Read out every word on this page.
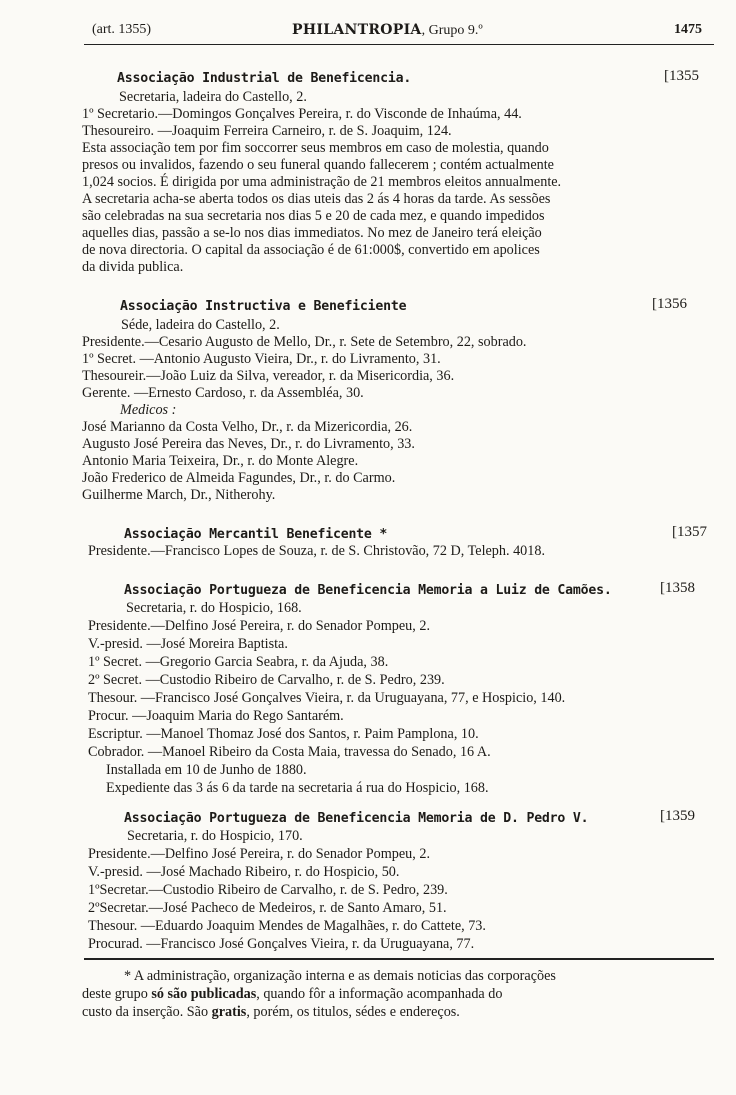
(art. 1355)	PHILANTROPIA, Grupo 9.º	1475
Associação Industrial de Beneficencia.	[1355
Secretaria, ladeira do Castello, 2.
1º Secretario.—Domingos Gonçalves Pereira, r. do Visconde de Inhaúma, 44.
Thesoureiro. —Joaquim Ferreira Carneiro, r. de S. Joaquim, 124.
Esta associação tem por fim soccorrer seus membros em caso de molestia, quando
presos ou invalidos, fazendo o seu funeral quando fallecerem ; contém actualmente
1,024 socios. É dirigida por uma administração de 21 membros eleitos annualmente.
A secretaria acha-se aberta todos os dias uteis das 2 ás 4 horas da tarde. As sessões
são celebradas na sua secretaria nos dias 5 e 20 de cada mez, e quando impedidos
aquelles dias, passão a se-lo nos dias immediatos. No mez de Janeiro terá eleição
de nova directoria. O capital da associação é de 61:000$, convertido em apolices
da divida publica.
Associação Instructiva e Beneficiente	[1356
Séde, ladeira do Castello, 2.
Presidente.—Cesario Augusto de Mello, Dr., r. Sete de Setembro, 22, sobrado.
1º Secret. —Antonio Augusto Vieira, Dr., r. do Livramento, 31.
Thesoureir.—João Luiz da Silva, vereador, r. da Misericordia, 36.
Gerente. —Ernesto Cardoso, r. da Assembléa, 30.
Medicos :
José Marianno da Costa Velho, Dr., r. da Mizericordia, 26.
Augusto José Pereira das Neves, Dr., r. do Livramento, 33.
Antonio Maria Teixeira, Dr., r. do Monte Alegre.
João Frederico de Almeida Fagundes, Dr., r. do Carmo.
Guilherme March, Dr., Nitherohy.
Associação Mercantil Beneficente *	[1357
Presidente.—Francisco Lopes de Souza, r. de S. Christovão, 72 D, Teleph. 4018.
Associação Portugueza de Beneficencia Memoria a Luiz de Camões.	[1358
Secretaria, r. do Hospicio, 168.
Presidente.—Delfino José Pereira, r. do Senador Pompeu, 2.
V.-presid. —José Moreira Baptista.
1º Secret. —Gregorio Garcia Seabra, r. da Ajuda, 38.
2º Secret. —Custodio Ribeiro de Carvalho, r. de S. Pedro, 239.
Thesour. —Francisco José Gonçalves Vieira, r. da Uruguayana, 77, e Hospicio, 140.
Procur. —Joaquim Maria do Rego Santarém.
Escriptur. —Manoel Thomaz José dos Santos, r. Paim Pamplona, 10.
Cobrador. —Manoel Ribeiro da Costa Maia, travessa do Senado, 16 A.
Installada em 10 de Junho de 1880.
Expediente das 3 ás 6 da tarde na secretaria á rua do Hospicio, 168.
Associação Portugueza de Beneficencia Memoria de D. Pedro V.	[1359
Secretaria, r. do Hospicio, 170.
Presidente.—Delfino José Pereira, r. do Senador Pompeu, 2.
V.-presid. —José Machado Ribeiro, r. do Hospicio, 50.
1ºSecretar.—Custodio Ribeiro de Carvalho, r. de S. Pedro, 239.
2ºSecretar.—José Pacheco de Medeiros, r. de Santo Amaro, 51.
Thesour. —Eduardo Joaquim Mendes de Magalhães, r. do Cattete, 73.
Procurad. —Francisco José Gonçalves Vieira, r. da Uruguayana, 77.
* A administração, organização interna e as demais noticias das corporações
deste grupo só são publicadas, quando fôr a informação acompanhada do
custo da inserção. São gratis, porém, os titulos, sédes e endereços.
